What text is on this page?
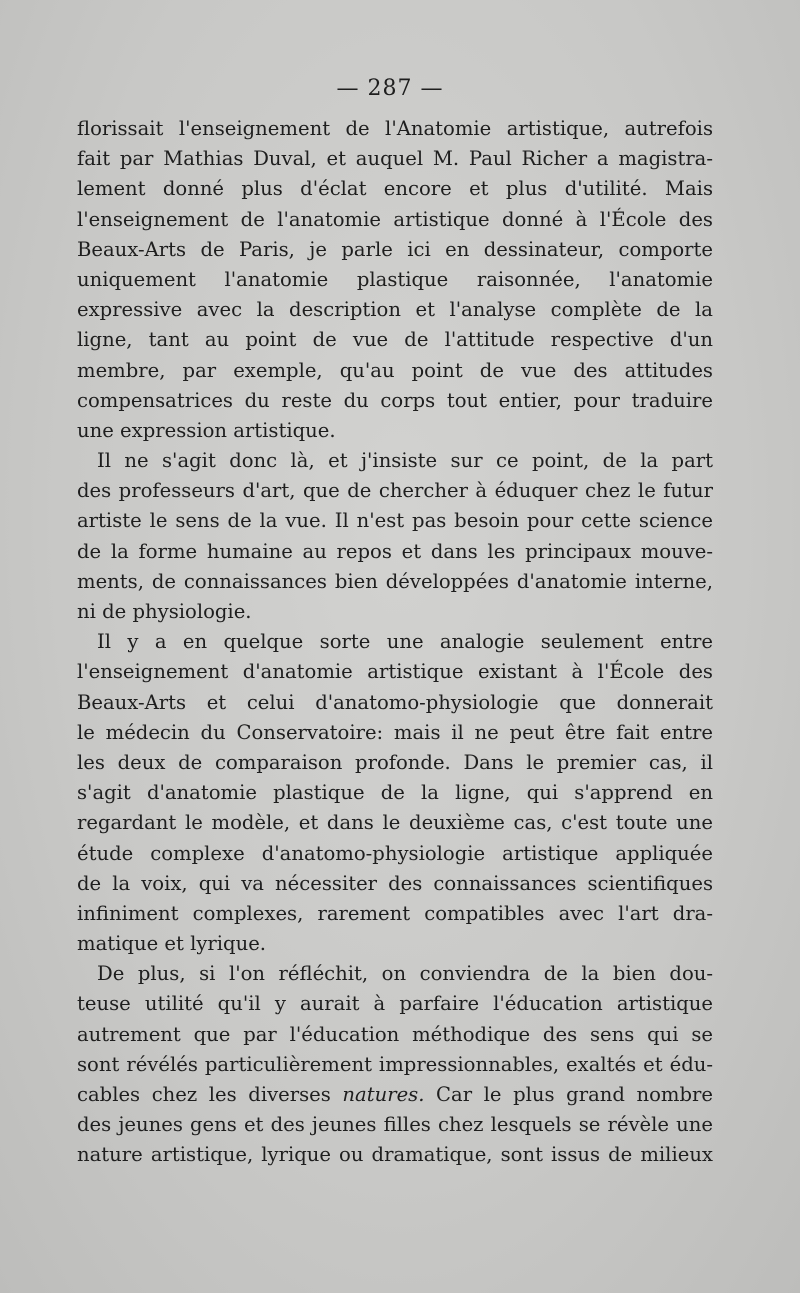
— 287 —
florissait l'enseignement de l'Anatomie artistique, autrefois
fait par Mathias Duval, et auquel M. Paul Richer a magistra-
lement donné plus d'éclat encore et plus d'utilité. Mais
l'enseignement de l'anatomie artistique donné à l'École des
Beaux-Arts de Paris, je parle ici en dessinateur, comporte
uniquement l'anatomie plastique raisonnée, l'anatomie
expressive avec la description et l'analyse complète de la
ligne, tant au point de vue de l'attitude respective d'un
membre, par exemple, qu'au point de vue des attitudes
compensatrices du reste du corps tout entier, pour traduire
une expression artistique.
Il ne s'agit donc là, et j'insiste sur ce point, de la part
des professeurs d'art, que de chercher à éduquer chez le futur
artiste le sens de la vue. Il n'est pas besoin pour cette science
de la forme humaine au repos et dans les principaux mouve-
ments, de connaissances bien développées d'anatomie interne,
ni de physiologie.
Il y a en quelque sorte une analogie seulement entre
l'enseignement d'anatomie artistique existant à l'École des
Beaux-Arts et celui d'anatomo-physiologie que donnerait
le médecin du Conservatoire: mais il ne peut être fait entre
les deux de comparaison profonde. Dans le premier cas, il
s'agit d'anatomie plastique de la ligne, qui s'apprend en
regardant le modèle, et dans le deuxième cas, c'est toute une
étude complexe d'anatomo-physiologie artistique appliquée
de la voix, qui va nécessiter des connaissances scientifiques
infiniment complexes, rarement compatibles avec l'art dra-
matique et lyrique.
De plus, si l'on réfléchit, on conviendra de la bien dou-
teuse utilité qu'il y aurait à parfaire l'éducation artistique
autrement que par l'éducation méthodique des sens qui se
sont révélés particulièrement impressionnables, exaltés et édu-
cables chez les diverses natures. Car le plus grand nombre
des jeunes gens et des jeunes filles chez lesquels se révèle une
nature artistique, lyrique ou dramatique, sont issus de milieux
